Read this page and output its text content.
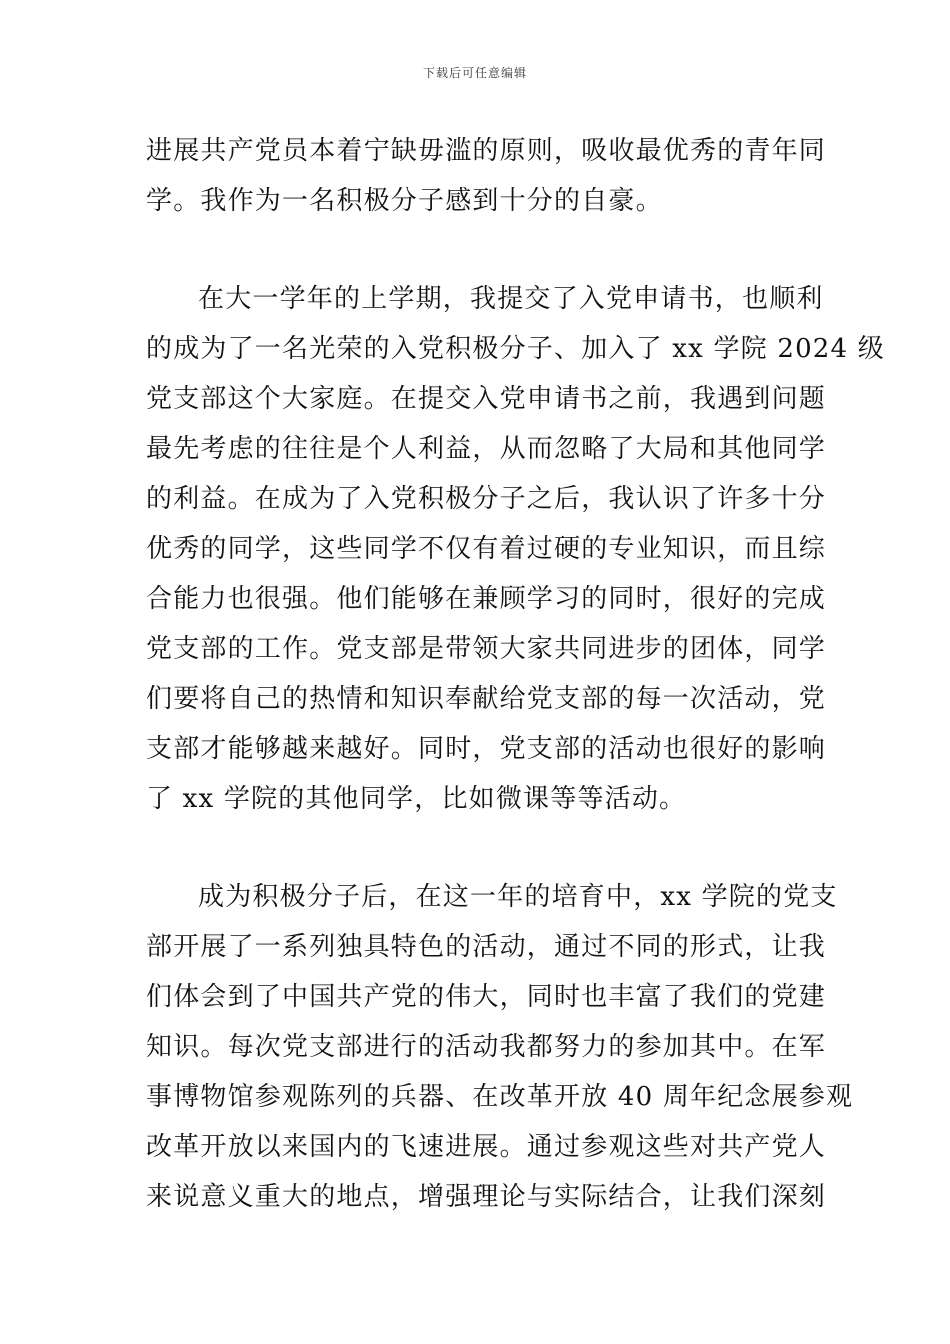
下载后可任意编辑
进展共产党员本着宁缺毋滥的原则，吸收最优秀的青年同
学。我作为一名积极分子感到十分的自豪。
在大一学年的上学期，我提交了入党申请书，也顺利
的成为了一名光荣的入党积极分子、加入了 xx 学院 2024 级
党支部这个大家庭。在提交入党申请书之前，我遇到问题
最先考虑的往往是个人利益，从而忽略了大局和其他同学
的利益。在成为了入党积极分子之后，我认识了许多十分
优秀的同学，这些同学不仅有着过硬的专业知识，而且综
合能力也很强。他们能够在兼顾学习的同时，很好的完成
党支部的工作。党支部是带领大家共同进步的团体，同学
们要将自己的热情和知识奉献给党支部的每一次活动，党
支部才能够越来越好。同时，党支部的活动也很好的影响
了 xx 学院的其他同学，比如微课等等活动。
成为积极分子后，在这一年的培育中，xx 学院的党支
部开展了一系列独具特色的活动，通过不同的形式，让我
们体会到了中国共产党的伟大，同时也丰富了我们的党建
知识。每次党支部进行的活动我都努力的参加其中。在军
事博物馆参观陈列的兵器、在改革开放 40 周年纪念展参观
改革开放以来国内的飞速进展。通过参观这些对共产党人
来说意义重大的地点，增强理论与实际结合，让我们深刻
